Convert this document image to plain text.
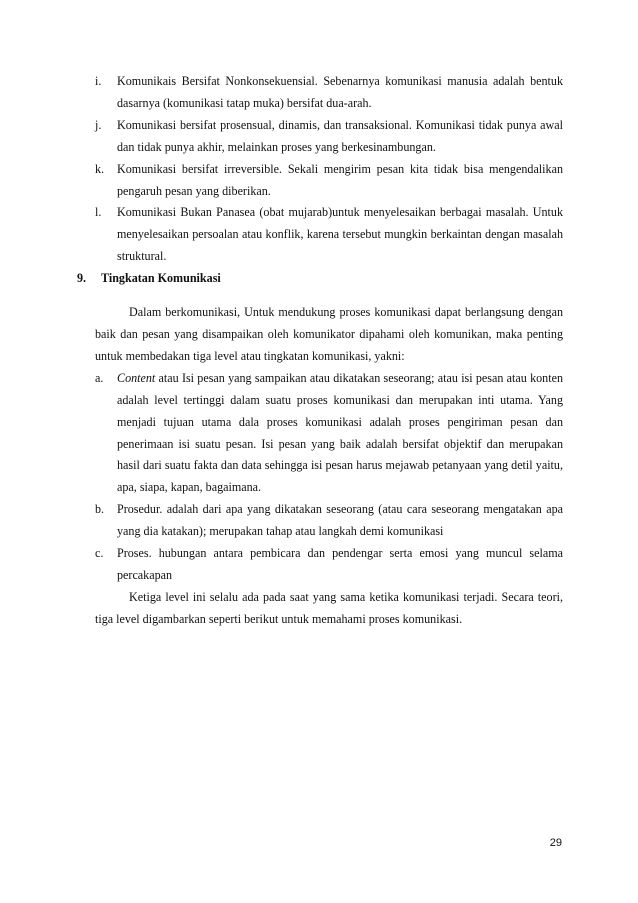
i.	Komunikais Bersifat Nonkonsekuensial. Sebenarnya komunikasi manusia adalah bentuk dasarnya (komunikasi tatap muka) bersifat dua-arah.

j.	Komunikasi bersifat prosensual, dinamis, dan transaksional. Komunikasi tidak punya awal dan tidak punya akhir, melainkan proses yang berkesinambungan.

k.	Komunikasi bersifat irreversible. Sekali mengirim pesan kita tidak bisa mengendalikan pengaruh pesan yang diberikan.

l.	Komunikasi Bukan Panasea (obat mujarab)untuk menyelesaikan berbagai masalah. Untuk menyelesaikan persoalan atau konflik, karena tersebut mungkin berkaintan dengan masalah struktural.

9. Tingkatan Komunikasi

Dalam berkomunikasi, Untuk mendukung proses komunikasi dapat berlangsung dengan baik dan pesan yang disampaikan oleh komunikator dipahami oleh komunikan, maka penting untuk membedakan tiga level atau tingkatan komunikasi, yakni:

a.	Content atau Isi pesan yang sampaikan atau dikatakan seseorang; atau isi pesan atau konten adalah level tertinggi dalam suatu proses komunikasi dan merupakan inti utama. Yang menjadi tujuan utama dala proses komunikasi adalah proses pengiriman pesan dan penerimaan isi suatu pesan. Isi pesan yang baik adalah bersifat objektif dan merupakan hasil dari suatu fakta dan data sehingga isi pesan harus mejawab petanyaan yang detil yaitu, apa, siapa, kapan, bagaimana.

b.	Prosedur. adalah dari apa yang dikatakan seseorang (atau cara seseorang mengatakan apa yang dia katakan); merupakan tahap atau langkah demi komunikasi

c.	Proses. hubungan antara pembicara dan pendengar serta emosi yang muncul selama percakapan

Ketiga level ini selalu ada pada saat yang sama ketika komunikasi terjadi. Secara teori, tiga level digambarkan seperti berikut untuk memahami proses komunikasi.

29
